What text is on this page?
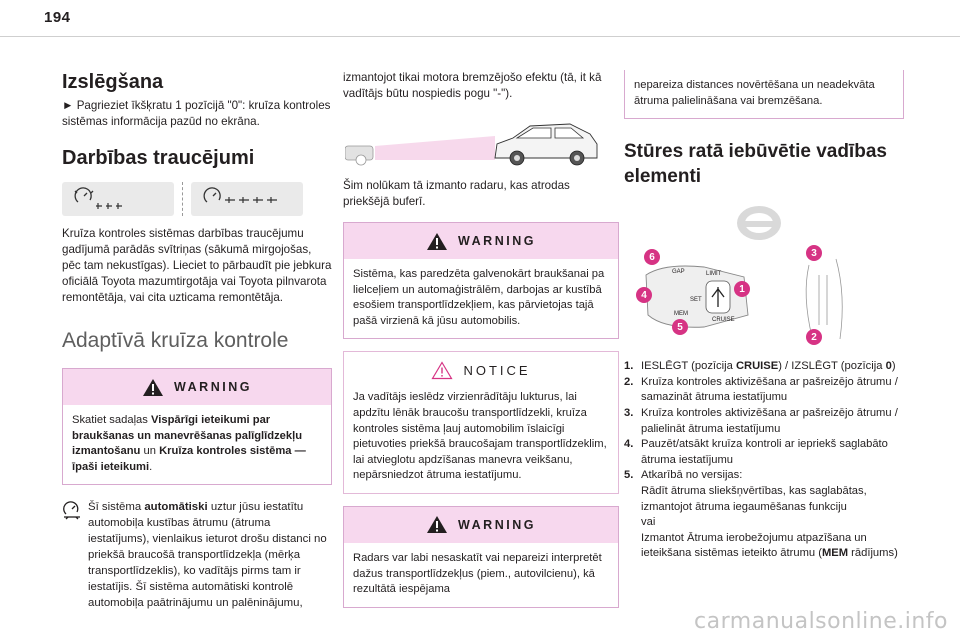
194
Izslēgšana

► Pagrieziet īkšķratu 1 pozīcijā "0": kruīza kontroles sistēmas informācija pazūd no ekrāna.

Darbības traucējumi

Kruīza kontroles sistēmas darbības traucējumu gadījumā parādās svītriņas (sākumā mirgojošas, pēc tam nekustīgas). Lieciet to pārbaudīt pie jebkura oficiālā Toyota mazumtirgotāja vai Toyota pilnvarota remontētāja, vai cita uzticama remontētāja.

Adaptīvā kruīza kontrole
WARNING
Skatiet sadaļas Vispārīgi ieteikumi par braukšanas un manevrēšanas palīglīdzekļu izmantošanu un Kruīza kontroles sistēma — īpaši ieteikumi.

Šī sistēma automātiski uztur jūsu iestatītu automobiļa kustības ātrumu (ātruma iestatījums), vienlaikus ieturot drošu distanci no priekšā braucošā transportlīdzekļa (mērķa transportlīdzeklis), ko vadītājs pirms tam ir iestatījis. Šī sistēma automātiski kontrolē automobiļa paātrinājumu un palēninājumu,

izmantojot tikai motora bremzējošo efektu (tā, it kā vadītājs būtu nospiedis pogu "-").

Šim nolūkam tā izmanto radaru, kas atrodas priekšējā buferī.

WARNING
Sistēma, kas paredzēta galvenokārt braukšanai pa lielceļiem un automaģistrālēm, darbojas ar kustībā esošiem transportlīdzekļiem, kas pārvietojas tajā pašā virzienā kā jūsu automobilis.
NOTICE
Ja vadītājs ieslēdz virzienrādītāju lukturus, lai apdzītu lēnāk braucošu transportlīdzekli, kruīza kontroles sistēma ļauj automobilim īslaicīgi pietuvoties priekšā braucošajam transportlīdzeklim, lai atvieglotu apdzīšanas manevra veikšanu, nepārsniedzot ātruma iestatījumu.
WARNING
Radars var labi nesaskatīt vai nepareizi interpretēt dažus transportlīdzekļus (piem., autovilcienu), kā rezultātā iespējama
nepareiza distances novērtēšana un neadekvāta ātruma palielināšana vai bremzēšana.
Stūres ratā iebūvētie vadības elementi
GAP	LIMIT
SET
MEM
CRUISE
6
4
5
1
3
2
1. IESLĒGT (pozīcija CRUISE) / IZSLĒGT (pozīcija 0)
2. Kruīza kontroles aktivizēšana ar pašreizējo ātrumu / samazināt ātruma iestatījumu
3. Kruīza kontroles aktivizēšana ar pašreizējo ātrumu / palielināt ātruma iestatījumu
4. Pauzēt/atsākt kruīza kontroli ar iepriekš saglabāto ātruma iestatījumu
5. Atkarībā no versijas:
Rādīt ātruma sliekšņvērtības, kas saglabātas, izmantojot ātruma iegaumēšanas funkciju
vai
Izmantot Ātruma ierobežojumu atpazīšana un ieteikšana sistēmas ieteikto ātrumu (MEM rādījums)
carmanualsonline.info
